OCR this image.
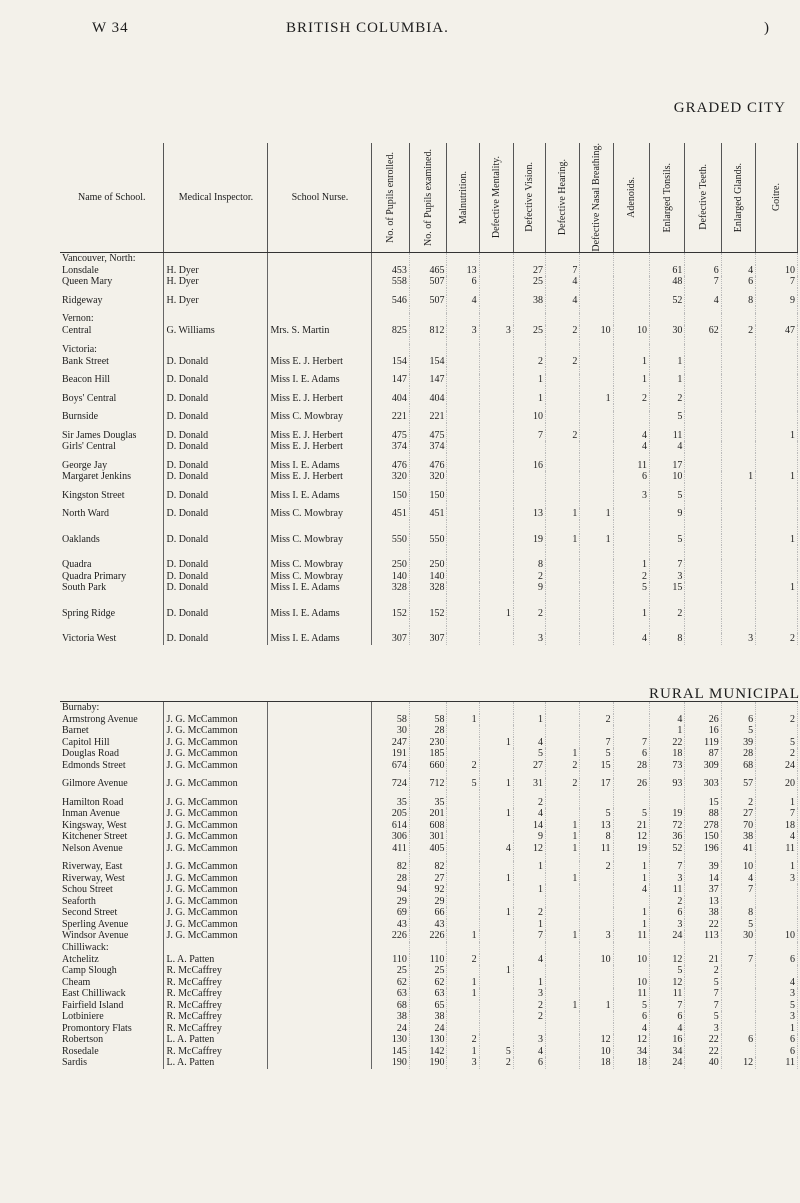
W 34	BRITISH COLUMBIA.	)
GRADED CITY
Name of School.	Medical Inspector.	School Nurse.	No. of Pupils enrolled.	No. of Pupils examined.	Malnutrition.	Defective Mentality.	Defective Vision.	Defective Hearing.	Defective Nasal Breathing.	Adenoids.	Enlarged Tonsils.	Defective Teeth.	Enlarged Glands.	Goitre.

Vancouver, North:														
Lonsdale	H. Dyer		453	465	13		27	7			61	6	4	10
Queen Mary	H. Dyer		558	507	6		25	4			48	7	6	7

Ridgeway	H. Dyer		546	507	4		38	4			52	4	8	9

Vernon:														
Central	G. Williams	Mrs. S. Martin	825	812	3	3	25	2	10	10	30	62	2	47

Victoria:														
Bank Street	D. Donald	Miss E. J. Herbert	154	154			2	2		1	1			

Beacon Hill	D. Donald	Miss I. E. Adams	147	147			1			1	1			

Boys' Central	D. Donald	Miss E. J. Herbert	404	404			1		1	2	2			

Burnside	D. Donald	Miss C. Mowbray	221	221			10				5			

Sir James Douglas	D. Donald	Miss E. J. Herbert	475	475			7	2		4	11			1
Girls' Central	D. Donald	Miss E. J. Herbert	374	374						4	4			

George Jay	D. Donald	Miss I. E. Adams	476	476			16			11	17			
Margaret Jenkins	D. Donald	Miss E. J. Herbert	320	320						6	10		1	1

Kingston Street	D. Donald	Miss I. E. Adams	150	150						3	5			

North Ward	D. Donald	Miss C. Mowbray	451	451			13	1	1		9			

Oaklands	D. Donald	Miss C. Mowbray	550	550			19	1	1		5			1

Quadra	D. Donald	Miss C. Mowbray	250	250			8			1	7			
Quadra Primary	D. Donald	Miss C. Mowbray	140	140			2			2	3			
South Park	D. Donald	Miss I. E. Adams	328	328			9			5	15			1

Spring Ridge	D. Donald	Miss I. E. Adams	152	152		1	2			1	2			

Victoria West	D. Donald	Miss I. E. Adams	307	307			3			4	8		3	2

Burnaby:														
Armstrong Avenue	J. G. McCammon		58	58	1		1		2		4	26	6	2
Barnet	J. G. McCammon		30	28							1	16	5	
Capitol Hill	J. G. McCammon		247	230		1	4		7	7	22	119	39	5
Douglas Road	J. G. McCammon		191	185			5	1	5	6	18	87	28	2
Edmonds Street	J. G. McCammon		674	660	2		27	2	15	28	73	309	68	24

Gilmore Avenue	J. G. McCammon		724	712	5	1	31	2	17	26	93	303	57	20

Hamilton Road	J. G. McCammon		35	35			2					15	2	1
Inman Avenue	J. G. McCammon		205	201		1	4		5	5	19	88	27	7
Kingsway, West	J. G. McCammon		614	608			14	1	13	21	72	278	70	18
Kitchener Street	J. G. McCammon		306	301			9	1	8	12	36	150	38	4
Nelson Avenue	J. G. McCammon		411	405		4	12	1	11	19	52	196	41	11

Riverway, East	J. G. McCammon		82	82			1		2	1	7	39	10	1
Riverway, West	J. G. McCammon		28	27		1		1		1	3	14	4	3
Schou Street	J. G. McCammon		94	92			1			4	11	37	7	
Seaforth	J. G. McCammon		29	29							2	13		
Second Street	J. G. McCammon		69	66		1	2			1	6	38	8	
Sperling Avenue	J. G. McCammon		43	43			1			1	3	22	5	
Windsor Avenue	J. G. McCammon		226	226	1		7	1	3	11	24	113	30	10
Chilliwack:														
Atchelitz	L. A. Patten		110	110	2		4		10	10	12	21	7	6
Camp Slough	R. McCaffrey		25	25		1					5	2		
Cheam	R. McCaffrey		62	62	1		1			10	12	5		4
East Chilliwack	R. McCaffrey		63	63	1		3			11	11	7		3
Fairfield Island	R. McCaffrey		68	65			2	1	1	5	7	7		5
Lotbiniere	R. McCaffrey		38	38			2			6	6	5		3
Promontory Flats	R. McCaffrey		24	24						4	4	3		1
Robertson	L. A. Patten		130	130	2		3		12	12	16	22	6	6
Rosedale	R. McCaffrey		145	142	1	5	4		10	34	34	22		6
Sardis	L. A. Patten		190	190	3	2	6		18	18	24	40	12	11
RURAL MUNICIPAL
